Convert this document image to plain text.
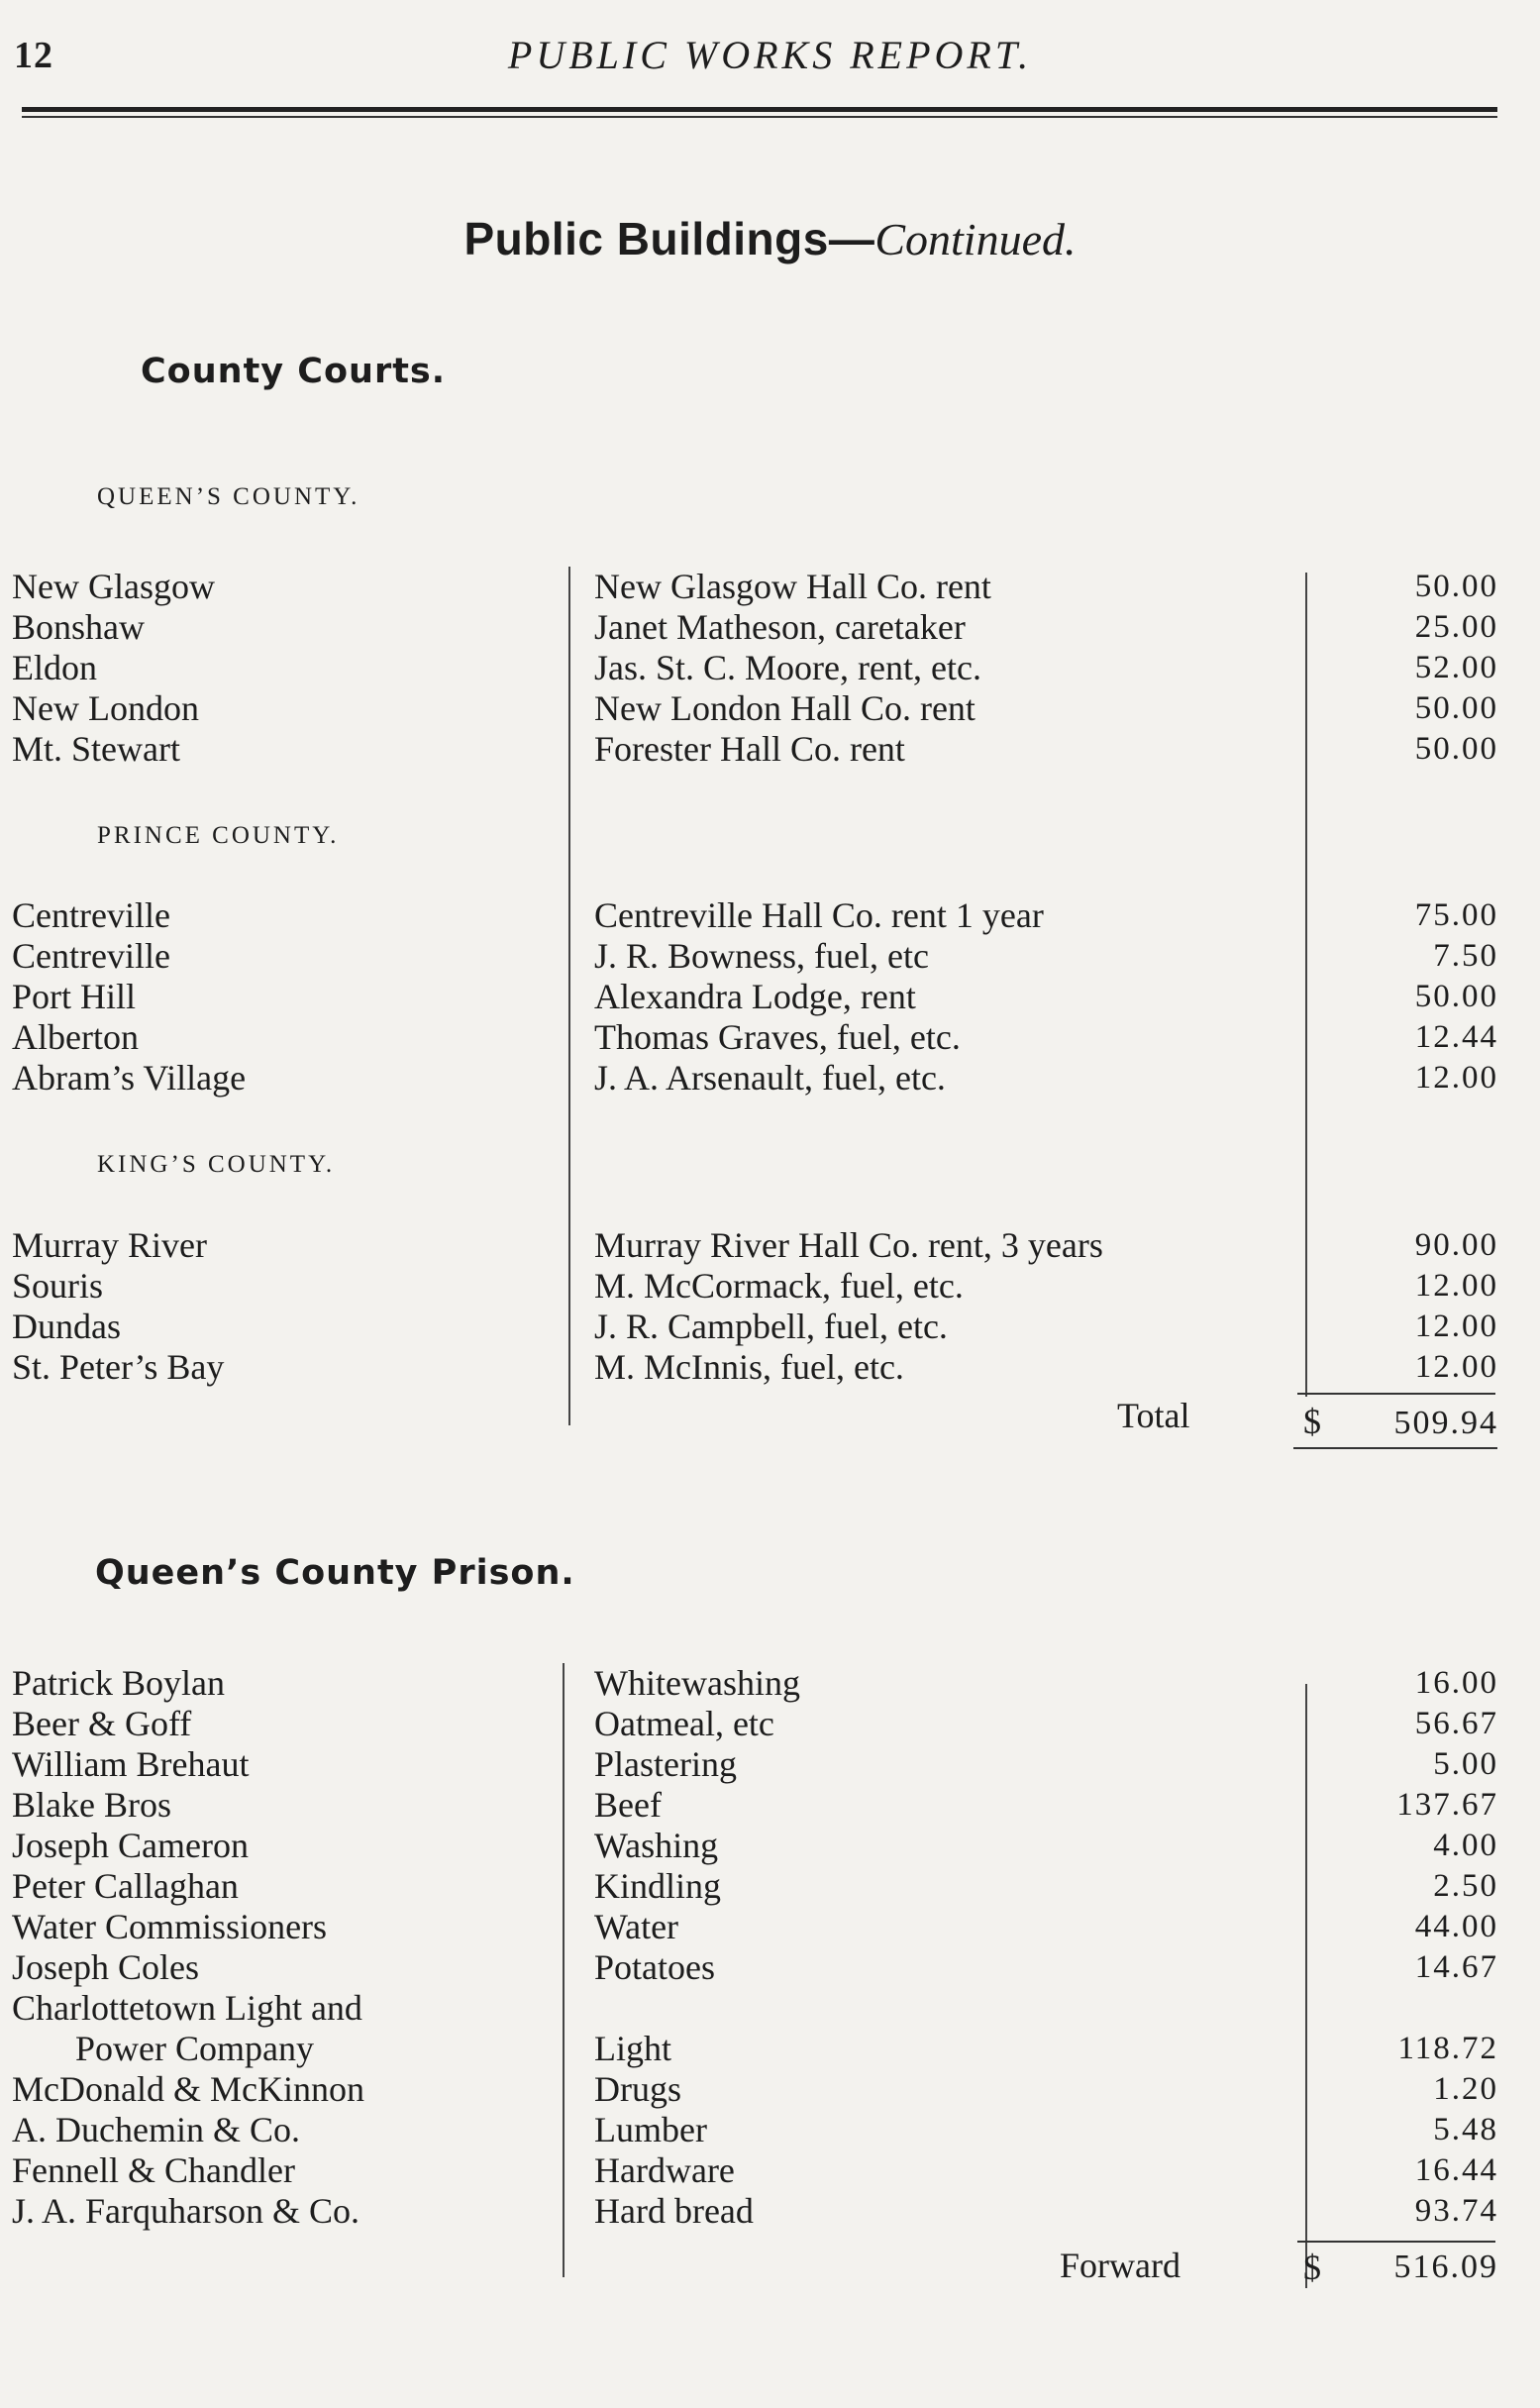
12	PUBLIC WORKS REPORT.
Public Buildings—Continued.
County Courts.
QUEEN’S COUNTY.
New Glasgow	New Glasgow Hall Co. rent	50.00
Bonshaw	Janet Matheson, caretaker	25.00
Eldon	Jas. St. C. Moore, rent, etc.	52.00
New London	New London Hall Co. rent	50.00
Mt. Stewart	Forester Hall Co. rent	50.00
PRINCE COUNTY.
Centreville	Centreville Hall Co. rent 1 year	75.00
Centreville	J. R. Bowness, fuel, etc	7.50
Port Hill	Alexandra Lodge, rent	50.00
Alberton	Thomas Graves, fuel, etc.	12.44
Abram’s Village	J. A. Arsenault, fuel, etc.	12.00
KING’S COUNTY.
Murray River	Murray River Hall Co. rent, 3 years	90.00
Souris	M. McCormack, fuel, etc.	12.00
Dundas	J. R. Campbell, fuel, etc.	12.00
St. Peter’s Bay	M. McInnis, fuel, etc.	12.00
Total	$ 509.94
Queen’s County Prison.
Patrick Boylan	Whitewashing	16.00
Beer & Goff	Oatmeal, etc	56.67
William Brehaut	Plastering	5.00
Blake Bros	Beef	137.67
Joseph Cameron	Washing	4.00
Peter Callaghan	Kindling	2.50
Water Commissioners	Water	44.00
Joseph Coles	Potatoes	14.67
Charlottetown Light and
Power Company	Light	118.72
McDonald & McKinnon	Drugs	1.20
A. Duchemin & Co.	Lumber	5.48
Fennell & Chandler	Hardware	16.44
J. A. Farquharson & Co.	Hard bread	93.74
Forward	$ 516.09
